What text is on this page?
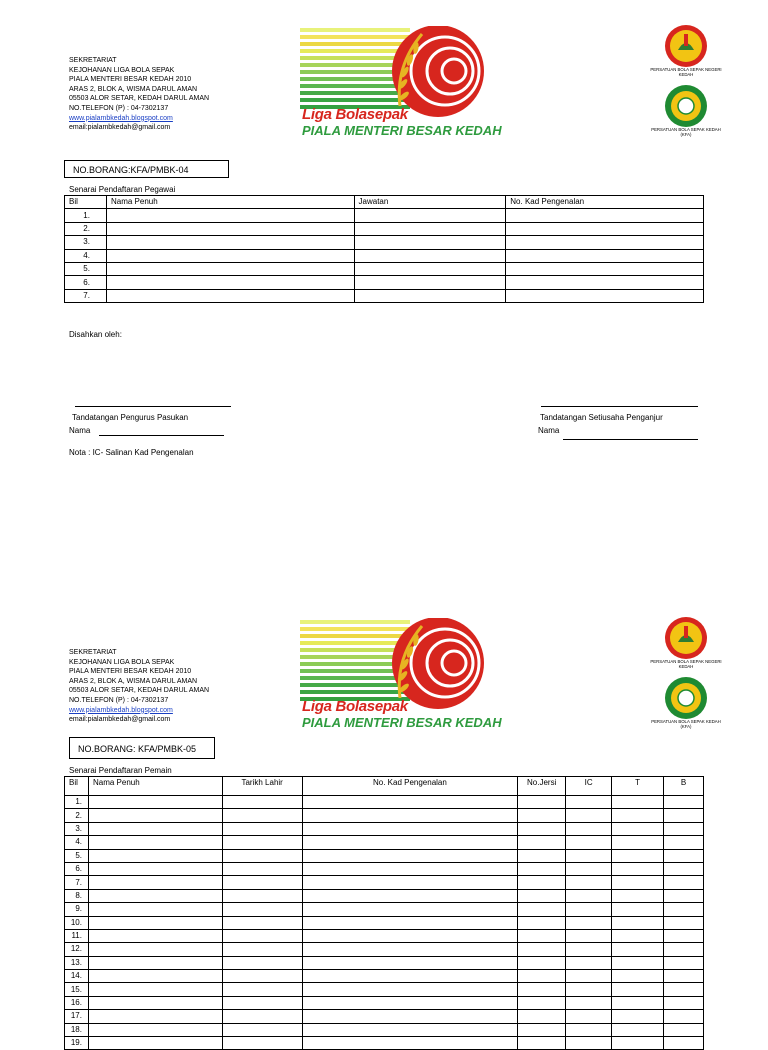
SEKRETARIAT
KEJOHANAN LIGA BOLA SEPAK
PIALA MENTERI BESAR KEDAH 2010
ARAS 2, BLOK A, WISMA DARUL AMAN
05503 ALOR SETAR, KEDAH DARUL AMAN
NO.TELEFON (P) : 04-7302137
www.pialambkedah.blogspot.com
email:pialambkedah@gmail.com
Liga Bolasepak
PIALA MENTERI BESAR KEDAH
PERSATUAN BOLA SEPAK NEGERI KEDAH
PERSATUAN BOLA SEPAK KEDAH (KFA)
NO.BORANG:KFA/PMBK-04
Senarai Pendaftaran Pegawai
Bil	Nama Penuh	Jawatan	No. Kad Pengenalan
1.			
2.			
3.			
4.			
5.			
6.			
7.			
Disahkan oleh:
Tandatangan Pengurus Pasukan	Tandatangan Setiusaha Penganjur
Nama	Nama
Nota : IC- Salinan Kad Pengenalan
SEKRETARIAT
KEJOHANAN LIGA BOLA SEPAK
PIALA MENTERI BESAR KEDAH 2010
ARAS 2, BLOK A, WISMA DARUL AMAN
05503 ALOR SETAR, KEDAH DARUL AMAN
NO.TELEFON (P) : 04-7302137
www.pialambkedah.blogspot.com
email:pialambkedah@gmail.com
Liga Bolasepak
PIALA MENTERI BESAR KEDAH
PERSATUAN BOLA SEPAK NEGERI KEDAH
PERSATUAN BOLA SEPAK KEDAH (KFA)
NO.BORANG: KFA/PMBK-05
Senarai Pendaftaran Pemain
Bil	Nama Penuh	Tarikh Lahir	No. Kad Pengenalan	No.Jersi	IC	T	B
1.							
2.							
3.							
4.							
5.							
6.							
7.							
8.							
9.							
10.							
11.							
12.							
13.							
14.							
15.							
16.							
17.							
18.							
19.							
